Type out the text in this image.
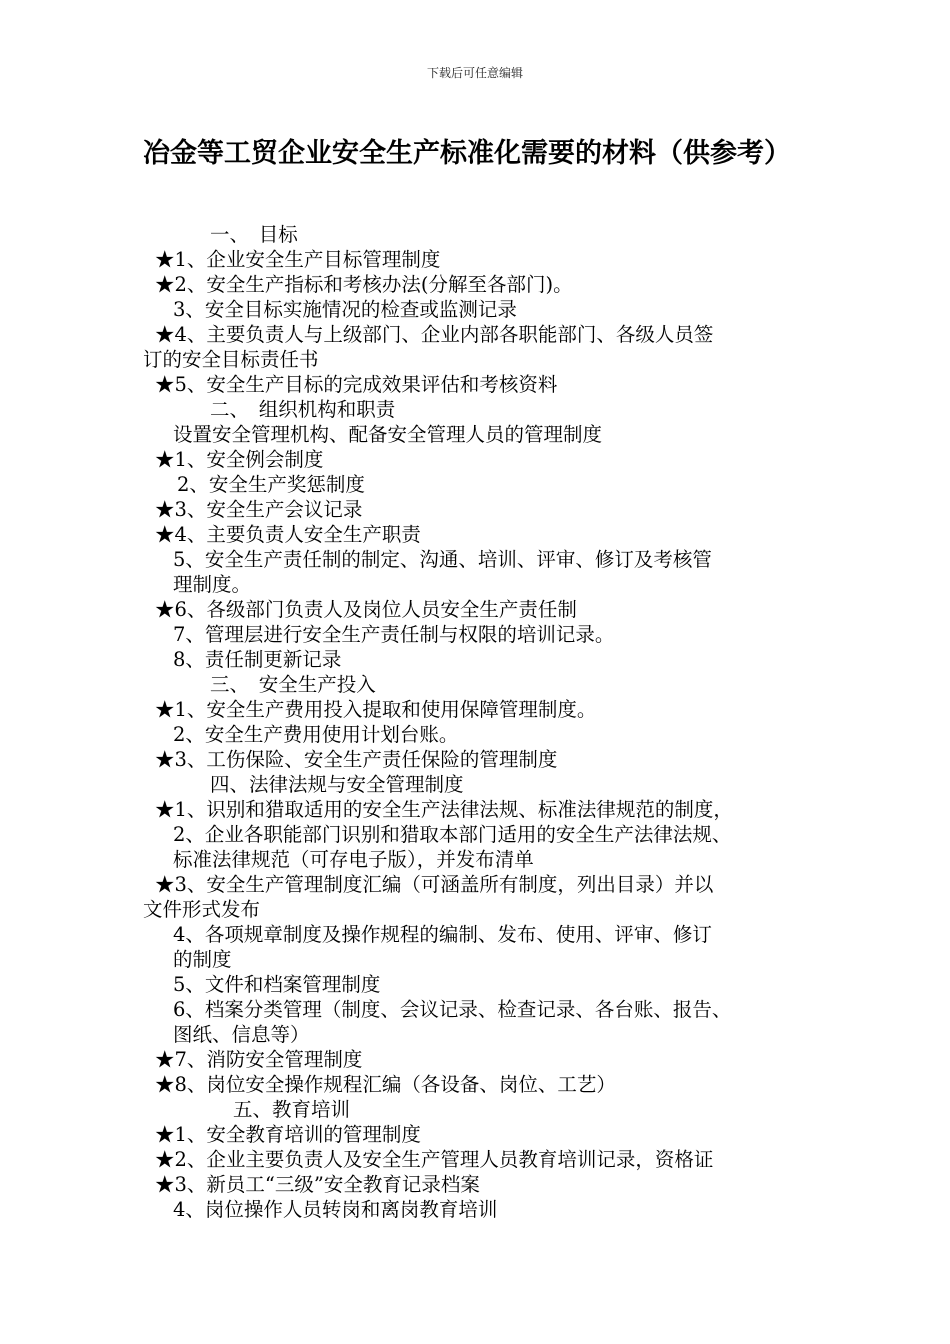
下载后可任意编辑
冶金等工贸企业安全生产标准化需要的材料（供参考）
一、　目标
★1、企业安全生产目标管理制度
★2、安全生产指标和考核办法(分解至各部门)。
3、安全目标实施情况的检查或监测记录
★4、主要负责人与上级部门、企业内部各职能部门、各级人员签
订的安全目标责任书
★5、安全生产目标的完成效果评估和考核资料
二、　组织机构和职责
设置安全管理机构、配备安全管理人员的管理制度
★1、安全例会制度
2、安全生产奖惩制度
★3、安全生产会议记录
★4、主要负责人安全生产职责
5、安全生产责任制的制定、沟通、培训、评审、修订及考核管
理制度。
★6、各级部门负责人及岗位人员安全生产责任制
7、管理层进行安全生产责任制与权限的培训记录。
8、责任制更新记录
三、　安全生产投入
★1、安全生产费用投入提取和使用保障管理制度。
2、安全生产费用使用计划台账。
★3、工伤保险、安全生产责任保险的管理制度
四、法律法规与安全管理制度
★1、识别和猎取适用的安全生产法律法规、标准法律规范的制度，
2、企业各职能部门识别和猎取本部门适用的安全生产法律法规、
标准法律规范（可存电子版），并发布清单
★3、安全生产管理制度汇编（可涵盖所有制度，列出目录）并以
文件形式发布
4、各项规章制度及操作规程的编制、发布、使用、评审、修订
的制度
5、文件和档案管理制度
6、档案分类管理（制度、会议记录、检查记录、各台账、报告、
图纸、信息等）
★7、消防安全管理制度
★8、岗位安全操作规程汇编（各设备、岗位、工艺）
五、教育培训
★1、安全教育培训的管理制度
★2、企业主要负责人及安全生产管理人员教育培训记录，资格证
★3、新员工“三级”安全教育记录档案
4、岗位操作人员转岗和离岗教育培训
